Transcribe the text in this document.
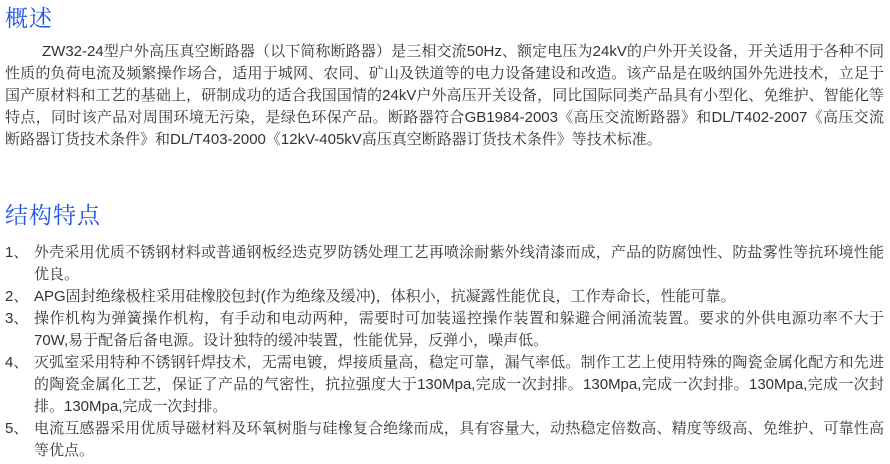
概述

ZW32-24型户外高压真空断路器（以下简称断路器）是三相交流50Hz、额定电压为24kV的户外开关设备，开关适用于各种不同性质的负荷电流及频繁操作场合，适用于城网、农同、矿山及铁道等的电力设备建设和改造。该产品是在吸纳国外先进技术，立足于国产原材料和工艺的基础上，研制成功的适合我国国情的24kV户外高压开关设备，同比国际同类产品具有小型化、免维护、智能化等特点，同时该产品对周围环境无污染，是绿色环保产品。断路器符合GB1984-2003《高压交流断路器》和DL/T402-2007《高压交流断路器订货技术条件》和DL/T403-2000《12kV-405kV高压真空断路器订货技术条件》等技术标准。

结构特点
1、 外壳采用优质不锈钢材料或普通钢板经迭克罗防锈处理工艺再喷涂耐紫外线清漆而成，产品的防腐蚀性、防盐雾性等抗环境性能优良。
2、 APG固封绝缘极柱采用硅橡胶包封(作为绝缘及缓冲)，体积小，抗凝露性能优良，工作寿命长，性能可靠。
3、 操作机构为弹簧操作机构，有手动和电动两种，需要时可加装遥控操作装置和躲避合闸涌流装置。要求的外供电源功率不大于70W,易于配备后备电源。设计独特的缓冲装置，性能优异，反弹小，噪声低。
4、 灭弧室采用特种不锈钢钎焊技术，无需电镀，焊接质量高，稳定可靠，漏气率低。制作工艺上使用特殊的陶瓷金属化配方和先进的陶瓷金属化工艺，保证了产品的气密性，抗拉强度大于130Mpa,完成一次封排。130Mpa,完成一次封排。130Mpa,完成一次封排。130Mpa,完成一次封排。
5、 电流互感器采用优质导磁材料及环氧树脂与硅橡复合绝缘而成，具有容量大，动热稳定倍数高、精度等级高、免维护、可靠性高等优点。
